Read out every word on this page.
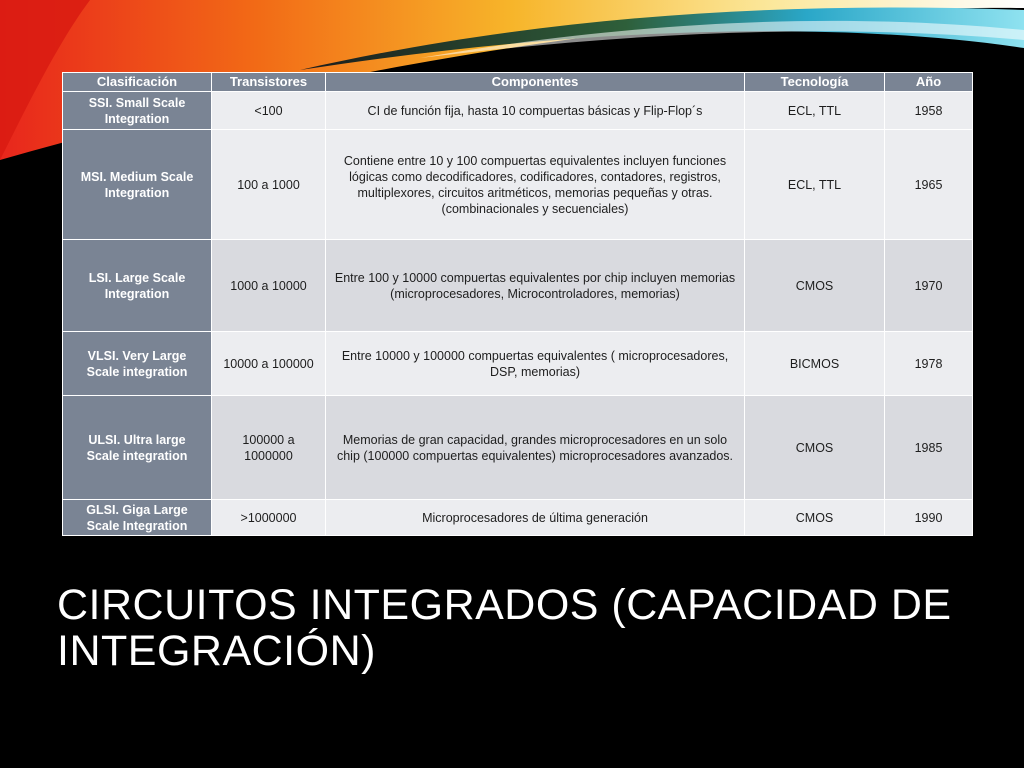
Clasificación	Transistores	Componentes	Tecnología	Año
SSI. Small Scale Integration	<100	CI de función fija, hasta 10 compuertas básicas y Flip-Flop´s	ECL, TTL	1958
MSI. Medium Scale Integration	100 a 1000	Contiene entre 10 y 100 compuertas equivalentes incluyen funciones lógicas como decodificadores, codificadores, contadores, registros, multiplexores, circuitos aritméticos, memorias pequeñas y otras.(combinacionales y secuenciales)	ECL, TTL	1965
LSI. Large Scale Integration	1000 a 10000	Entre 100 y 10000 compuertas equivalentes por chip incluyen memorias (microprocesadores, Microcontroladores, memorias)	CMOS	1970
VLSI. Very Large Scale integration	10000 a 100000	Entre 10000 y 100000 compuertas equivalentes ( microprocesadores, DSP, memorias)	BICMOS	1978
ULSI. Ultra large Scale integration	100000 a 1000000	Memorias de gran capacidad, grandes microprocesadores en un solo chip (100000 compuertas equivalentes) microprocesadores avanzados.	CMOS	1985
GLSI. Giga Large Scale Integration	>1000000	Microprocesadores de última generación	CMOS	1990
CIRCUITOS INTEGRADOS (CAPACIDAD DE INTEGRACIÓN)
